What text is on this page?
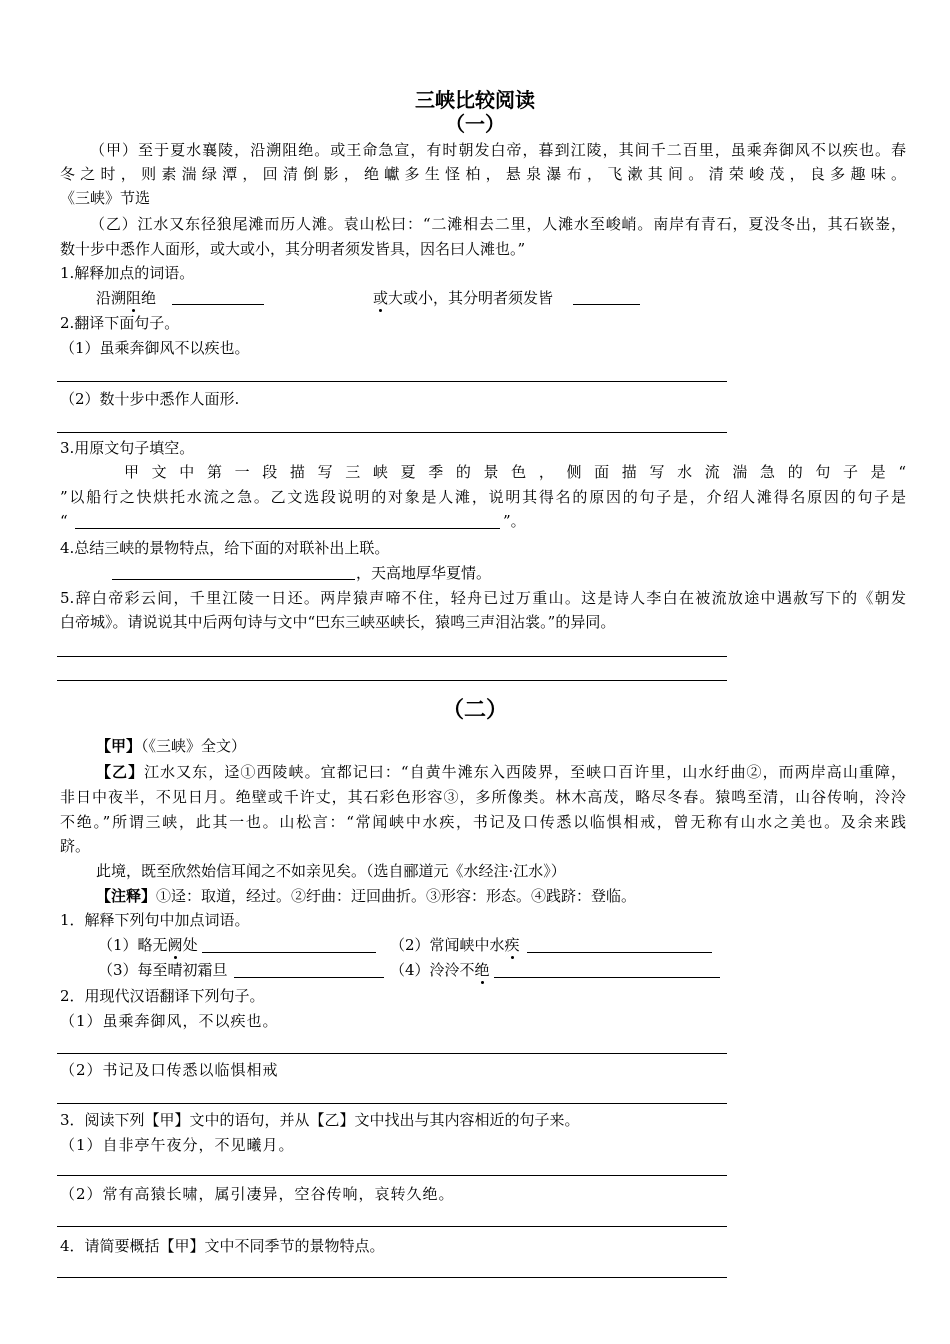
三峡比较阅读
（一）
（甲）至于夏水襄陵，沿溯阻绝。或王命急宣，有时朝发白帝，暮到江陵，其间千二百里，虽乘奔御风不以疾也。春
冬之时，则素湍绿潭，回清倒影，绝巘多生怪柏，悬泉瀑布，飞漱其间。清荣峻茂，良多趣味。
《三峡》节选
（乙）江水又东径狼尾滩而历人滩。袁山松曰：“二滩相去二里，人滩水至峻峭。南岸有青石，夏没冬出，其石嵚崟，
数十步中悉作人面形，或大或小，其分明者须发皆具，因名曰人滩也。”
1.解释加点的词语。
沿溯阻绝	或大或小，其分明者须发皆
2.翻译下面句子。
（1）虽乘奔御风不以疾也。
（2）数十步中悉作人面形.
3.用原文句子填空。
甲文中第一段描写三峡夏季的景色，侧面描写水流湍急的句子是“
”以船行之快烘托水流之急。乙文选段说明的对象是人滩，说明其得名的原因的句子是，介绍人滩得名原因的句子是
“	”。
4.总结三峡的景物特点，给下面的对联补出上联。
，天高地厚华夏情。
5.辞白帝彩云间，千里江陵一日还。两岸猿声啼不住，轻舟已过万重山。这是诗人李白在被流放途中遇赦写下的《朝发
白帝城》。请说说其中后两句诗与文中“巴东三峡巫峡长，猿鸣三声泪沾裳。”的异同。
（二）
【甲】（《三峡》全文）
【乙】江水又东，迳①西陵峡。宜都记曰：“自黄牛滩东入西陵界，至峡口百许里，山水纡曲②，而两岸高山重障，
非日中夜半，不见日月。绝壁或千许丈，其石彩色形容③，多所像类。林木高茂，略尽冬春。猿鸣至清，山谷传响，泠泠
不绝。”所谓三峡，此其一也。山松言：“常闻峡中水疾，书记及口传悉以临惧相戒，曾无称有山水之美也。及余来践
跻。
此境，既至欣然始信耳闻之不如亲见矣。（选自郦道元《水经注·江水》）
【注释】①迳：取道，经过。②纡曲：迂回曲折。③形容：形态。④践跻：登临。
1．解释下列句中加点词语。
（1）略无阙处	（2）常闻峡中水疾
（3）每至晴初霜旦	（4）泠泠不绝
2．用现代汉语翻译下列句子。
（1）虽乘奔御风，不以疾也。
（2）书记及口传悉以临惧相戒
3．阅读下列【甲】文中的语句，并从【乙】文中找出与其内容相近的句子来。
（1）自非亭午夜分，不见曦月。
（2）常有高猿长啸，属引凄异，空谷传响，哀转久绝。
4．请简要概括【甲】文中不同季节的景物特点。
